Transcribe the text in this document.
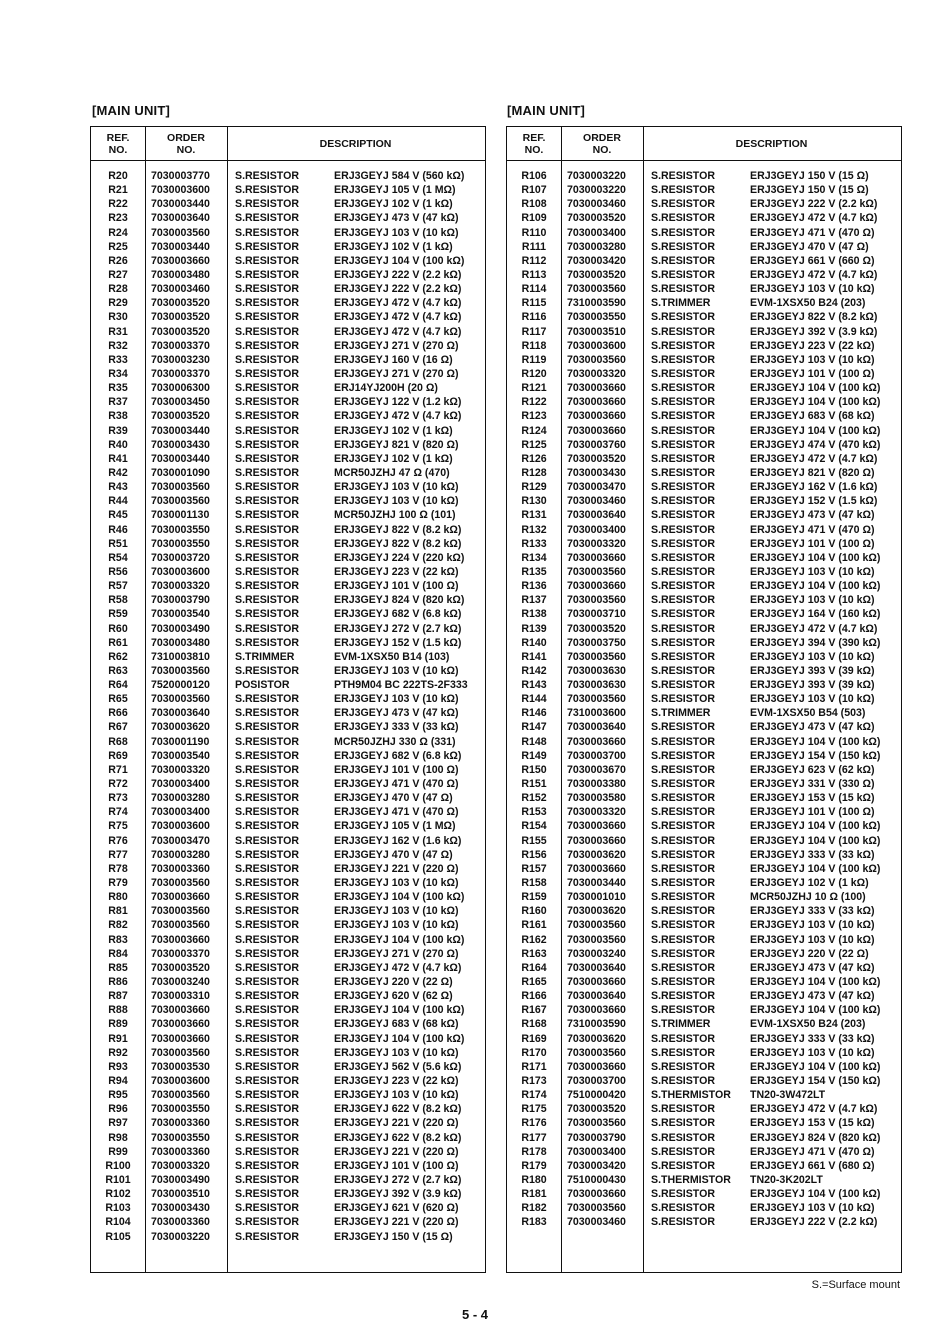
[MAIN UNIT]	[MAIN UNIT]
REF.
NO.
ORDER
NO.	DESCRIPTION
R20	7030003770 S.RESISTOR	ERJ3GEYJ 584 V (560 kΩ)
R21	7030003600 S.RESISTOR	ERJ3GEYJ 105 V (1 MΩ)
R22	7030003440 S.RESISTOR	ERJ3GEYJ 102 V (1 kΩ)
R23	7030003640 S.RESISTOR	ERJ3GEYJ 473 V (47 kΩ)
R24	7030003560 S.RESISTOR	ERJ3GEYJ 103 V (10 kΩ)
R25	7030003440 S.RESISTOR	ERJ3GEYJ 102 V (1 kΩ)
R26	7030003660 S.RESISTOR	ERJ3GEYJ 104 V (100 kΩ)
R27	7030003480 S.RESISTOR	ERJ3GEYJ 222 V (2.2 kΩ)
R28	7030003460 S.RESISTOR	ERJ3GEYJ 222 V (2.2 kΩ)
R29	7030003520 S.RESISTOR	ERJ3GEYJ 472 V (4.7 kΩ)
R30	7030003520 S.RESISTOR	ERJ3GEYJ 472 V (4.7 kΩ)
R31	7030003520 S.RESISTOR	ERJ3GEYJ 472 V (4.7 kΩ)
R32	7030003370 S.RESISTOR	ERJ3GEYJ 271 V (270 Ω)
R33	7030003230 S.RESISTOR	ERJ3GEYJ 160 V (16 Ω)
R34	7030003370 S.RESISTOR	ERJ3GEYJ 271 V (270 Ω)
R35	7030006300 S.RESISTOR	ERJ14YJ200H (20 Ω)
R37	7030003450 S.RESISTOR	ERJ3GEYJ 122 V (1.2 kΩ)
R38	7030003520 S.RESISTOR	ERJ3GEYJ 472 V (4.7 kΩ)
R39	7030003440 S.RESISTOR	ERJ3GEYJ 102 V (1 kΩ)
R40	7030003430 S.RESISTOR	ERJ3GEYJ 821 V (820 Ω)
R41	7030003440 S.RESISTOR	ERJ3GEYJ 102 V (1 kΩ)
R42	7030001090 S.RESISTOR	MCR50JZHJ 47 Ω (470)
R43	7030003560 S.RESISTOR	ERJ3GEYJ 103 V (10 kΩ)
R44	7030003560 S.RESISTOR	ERJ3GEYJ 103 V (10 kΩ)
R45	7030001130 S.RESISTOR	MCR50JZHJ 100 Ω (101)
R46	7030003550 S.RESISTOR	ERJ3GEYJ 822 V (8.2 kΩ)
R51	7030003550 S.RESISTOR	ERJ3GEYJ 822 V (8.2 kΩ)
R54	7030003720 S.RESISTOR	ERJ3GEYJ 224 V (220 kΩ)
R56	7030003600 S.RESISTOR	ERJ3GEYJ 223 V (22 kΩ)
R57	7030003320 S.RESISTOR	ERJ3GEYJ 101 V (100 Ω)
R58	7030003790 S.RESISTOR	ERJ3GEYJ 824 V (820 kΩ)
R59	7030003540 S.RESISTOR	ERJ3GEYJ 682 V (6.8 kΩ)
R60	7030003490 S.RESISTOR	ERJ3GEYJ 272 V (2.7 kΩ)
R61	7030003480 S.RESISTOR	ERJ3GEYJ 152 V (1.5 kΩ)
R62	7310003810 S.TRIMMER	EVM-1XSX50 B14 (103)
R63	7030003560 S.RESISTOR	ERJ3GEYJ 103 V (10 kΩ)
R64	7520000120 POSISTOR	PTH9M04 BC 222TS-2F333
R65	7030003560 S.RESISTOR	ERJ3GEYJ 103 V (10 kΩ)
R66	7030003640 S.RESISTOR	ERJ3GEYJ 473 V (47 kΩ)
R67	7030003620 S.RESISTOR	ERJ3GEYJ 333 V (33 kΩ)
R68	7030001190 S.RESISTOR	MCR50JZHJ 330 Ω (331)
R69	7030003540 S.RESISTOR	ERJ3GEYJ 682 V (6.8 kΩ)
R71	7030003320 S.RESISTOR	ERJ3GEYJ 101 V (100 Ω)
R72	7030003400 S.RESISTOR	ERJ3GEYJ 471 V (470 Ω)
R73	7030003280 S.RESISTOR	ERJ3GEYJ 470 V (47 Ω)
R74	7030003400 S.RESISTOR	ERJ3GEYJ 471 V (470 Ω)
R75	7030003600 S.RESISTOR	ERJ3GEYJ 105 V (1 MΩ)
R76	7030003470 S.RESISTOR	ERJ3GEYJ 162 V (1.6 kΩ)
R77	7030003280 S.RESISTOR	ERJ3GEYJ 470 V (47 Ω)
R78	7030003360 S.RESISTOR	ERJ3GEYJ 221 V (220 Ω)
R79	7030003560 S.RESISTOR	ERJ3GEYJ 103 V (10 kΩ)
R80	7030003660 S.RESISTOR	ERJ3GEYJ 104 V (100 kΩ)
R81	7030003560 S.RESISTOR	ERJ3GEYJ 103 V (10 kΩ)
R82	7030003560 S.RESISTOR	ERJ3GEYJ 103 V (10 kΩ)
R83	7030003660 S.RESISTOR	ERJ3GEYJ 104 V (100 kΩ)
R84	7030003370 S.RESISTOR	ERJ3GEYJ 271 V (270 Ω)
R85	7030003520 S.RESISTOR	ERJ3GEYJ 472 V (4.7 kΩ)
R86	7030003240 S.RESISTOR	ERJ3GEYJ 220 V (22 Ω)
R87	7030003310 S.RESISTOR	ERJ3GEYJ 620 V (62 Ω)
R88	7030003660 S.RESISTOR	ERJ3GEYJ 104 V (100 kΩ)
R89	7030003660 S.RESISTOR	ERJ3GEYJ 683 V (68 kΩ)
R91	7030003660 S.RESISTOR	ERJ3GEYJ 104 V (100 kΩ)
R92	7030003560 S.RESISTOR	ERJ3GEYJ 103 V (10 kΩ)
R93	7030003530 S.RESISTOR	ERJ3GEYJ 562 V (5.6 kΩ)
R94	7030003600 S.RESISTOR	ERJ3GEYJ 223 V (22 kΩ)
R95	7030003560 S.RESISTOR	ERJ3GEYJ 103 V (10 kΩ)
R96	7030003550 S.RESISTOR	ERJ3GEYJ 622 V (8.2 kΩ)
R97	7030003360 S.RESISTOR	ERJ3GEYJ 221 V (220 Ω)
R98	7030003550 S.RESISTOR	ERJ3GEYJ 622 V (8.2 kΩ)
R99	7030003360 S.RESISTOR	ERJ3GEYJ 221 V (220 Ω)
R100	7030003320 S.RESISTOR	ERJ3GEYJ 101 V (100 Ω)
R101	7030003490 S.RESISTOR	ERJ3GEYJ 272 V (2.7 kΩ)
R102	7030003510 S.RESISTOR	ERJ3GEYJ 392 V (3.9 kΩ)
R103	7030003430 S.RESISTOR	ERJ3GEYJ 621 V (620 Ω)
R104	7030003360 S.RESISTOR	ERJ3GEYJ 221 V (220 Ω)
R105	7030003220 S.RESISTOR	ERJ3GEYJ 150 V (15 Ω)
REF.
NO.
ORDER
NO.	DESCRIPTION
R106	7030003220 S.RESISTOR	ERJ3GEYJ 150 V (15 Ω)
R107	7030003220 S.RESISTOR	ERJ3GEYJ 150 V (15 Ω)
R108	7030003460 S.RESISTOR	ERJ3GEYJ 222 V (2.2 kΩ)
R109	7030003520 S.RESISTOR	ERJ3GEYJ 472 V (4.7 kΩ)
R110	7030003400 S.RESISTOR	ERJ3GEYJ 471 V (470 Ω)
R111	7030003280 S.RESISTOR	ERJ3GEYJ 470 V (47 Ω)
R112	7030003420 S.RESISTOR	ERJ3GEYJ 661 V (660 Ω)
R113	7030003520 S.RESISTOR	ERJ3GEYJ 472 V (4.7 kΩ)
R114	7030003560 S.RESISTOR	ERJ3GEYJ 103 V (10 kΩ)
R115	7310003590 S.TRIMMER	EVM-1XSX50 B24 (203)
R116	7030003550 S.RESISTOR	ERJ3GEYJ 822 V (8.2 kΩ)
R117	7030003510 S.RESISTOR	ERJ3GEYJ 392 V (3.9 kΩ)
R118	7030003600 S.RESISTOR	ERJ3GEYJ 223 V (22 kΩ)
R119	7030003560 S.RESISTOR	ERJ3GEYJ 103 V (10 kΩ)
R120	7030003320 S.RESISTOR	ERJ3GEYJ 101 V (100 Ω)
R121	7030003660 S.RESISTOR	ERJ3GEYJ 104 V (100 kΩ)
R122	7030003660 S.RESISTOR	ERJ3GEYJ 104 V (100 kΩ)
R123	7030003660 S.RESISTOR	ERJ3GEYJ 683 V (68 kΩ)
R124	7030003660 S.RESISTOR	ERJ3GEYJ 104 V (100 kΩ)
R125	7030003760 S.RESISTOR	ERJ3GEYJ 474 V (470 kΩ)
R126	7030003520 S.RESISTOR	ERJ3GEYJ 472 V (4.7 kΩ)
R128	7030003430 S.RESISTOR	ERJ3GEYJ 821 V (820 Ω)
R129	7030003470 S.RESISTOR	ERJ3GEYJ 162 V (1.6 kΩ)
R130	7030003460 S.RESISTOR	ERJ3GEYJ 152 V (1.5 kΩ)
R131	7030003640 S.RESISTOR	ERJ3GEYJ 473 V (47 kΩ)
R132	7030003400 S.RESISTOR	ERJ3GEYJ 471 V (470 Ω)
R133	7030003320 S.RESISTOR	ERJ3GEYJ 101 V (100 Ω)
R134	7030003660 S.RESISTOR	ERJ3GEYJ 104 V (100 kΩ)
R135	7030003560 S.RESISTOR	ERJ3GEYJ 103 V (10 kΩ)
R136	7030003660 S.RESISTOR	ERJ3GEYJ 104 V (100 kΩ)
R137	7030003560 S.RESISTOR	ERJ3GEYJ 103 V (10 kΩ)
R138	7030003710 S.RESISTOR	ERJ3GEYJ 164 V (160 kΩ)
R139	7030003520 S.RESISTOR	ERJ3GEYJ 472 V (4.7 kΩ)
R140	7030003750 S.RESISTOR	ERJ3GEYJ 394 V (390 kΩ)
R141	7030003560 S.RESISTOR	ERJ3GEYJ 103 V (10 kΩ)
R142	7030003630 S.RESISTOR	ERJ3GEYJ 393 V (39 kΩ)
R143	7030003630 S.RESISTOR	ERJ3GEYJ 393 V (39 kΩ)
R144	7030003560 S.RESISTOR	ERJ3GEYJ 103 V (10 kΩ)
R146	7310003600 S.TRIMMER	EVM-1XSX50 B54 (503)
R147	7030003640 S.RESISTOR	ERJ3GEYJ 473 V (47 kΩ)
R148	7030003660 S.RESISTOR	ERJ3GEYJ 104 V (100 kΩ)
R149	7030003700 S.RESISTOR	ERJ3GEYJ 154 V (150 kΩ)
R150	7030003670 S.RESISTOR	ERJ3GEYJ 623 V (62 kΩ)
R151	7030003380 S.RESISTOR	ERJ3GEYJ 331 V (330 Ω)
R152	7030003580 S.RESISTOR	ERJ3GEYJ 153 V (15 kΩ)
R153	7030003320 S.RESISTOR	ERJ3GEYJ 101 V (100 Ω)
R154	7030003660 S.RESISTOR	ERJ3GEYJ 104 V (100 kΩ)
R155	7030003660 S.RESISTOR	ERJ3GEYJ 104 V (100 kΩ)
R156	7030003620 S.RESISTOR	ERJ3GEYJ 333 V (33 kΩ)
R157	7030003660 S.RESISTOR	ERJ3GEYJ 104 V (100 kΩ)
R158	7030003440 S.RESISTOR	ERJ3GEYJ 102 V (1 kΩ)
R159	7030001010 S.RESISTOR	MCR50JZHJ 10 Ω (100)
R160	7030003620 S.RESISTOR	ERJ3GEYJ 333 V (33 kΩ)
R161	7030003560 S.RESISTOR	ERJ3GEYJ 103 V (10 kΩ)
R162	7030003560 S.RESISTOR	ERJ3GEYJ 103 V (10 kΩ)
R163	7030003240 S.RESISTOR	ERJ3GEYJ 220 V (22 Ω)
R164	7030003640 S.RESISTOR	ERJ3GEYJ 473 V (47 kΩ)
R165	7030003660 S.RESISTOR	ERJ3GEYJ 104 V (100 kΩ)
R166	7030003640 S.RESISTOR	ERJ3GEYJ 473 V (47 kΩ)
R167	7030003660 S.RESISTOR	ERJ3GEYJ 104 V (100 kΩ)
R168	7310003590 S.TRIMMER	EVM-1XSX50 B24 (203)
R169	7030003620 S.RESISTOR	ERJ3GEYJ 333 V (33 kΩ)
R170	7030003560 S.RESISTOR	ERJ3GEYJ 103 V (10 kΩ)
R171	7030003660 S.RESISTOR	ERJ3GEYJ 104 V (100 kΩ)
R173	7030003700 S.RESISTOR	ERJ3GEYJ 154 V (150 kΩ)
R174	7510000420 S.THERMISTOR TN20-3W472LT
R175	7030003520 S.RESISTOR	ERJ3GEYJ 472 V (4.7 kΩ)
R176	7030003560 S.RESISTOR	ERJ3GEYJ 153 V (15 kΩ)
R177	7030003790 S.RESISTOR	ERJ3GEYJ 824 V (820 kΩ)
R178	7030003400 S.RESISTOR	ERJ3GEYJ 471 V (470 Ω)
R179	7030003420 S.RESISTOR	ERJ3GEYJ 661 V (680 Ω)
R180	7510000430 S.THERMISTOR TN20-3K202LT
R181	7030003660 S.RESISTOR	ERJ3GEYJ 104 V (100 kΩ)
R182	7030003560 S.RESISTOR	ERJ3GEYJ 103 V (10 kΩ)
R183	7030003460 S.RESISTOR	ERJ3GEYJ 222 V (2.2 kΩ)
S.=Surface mount
5 - 4
